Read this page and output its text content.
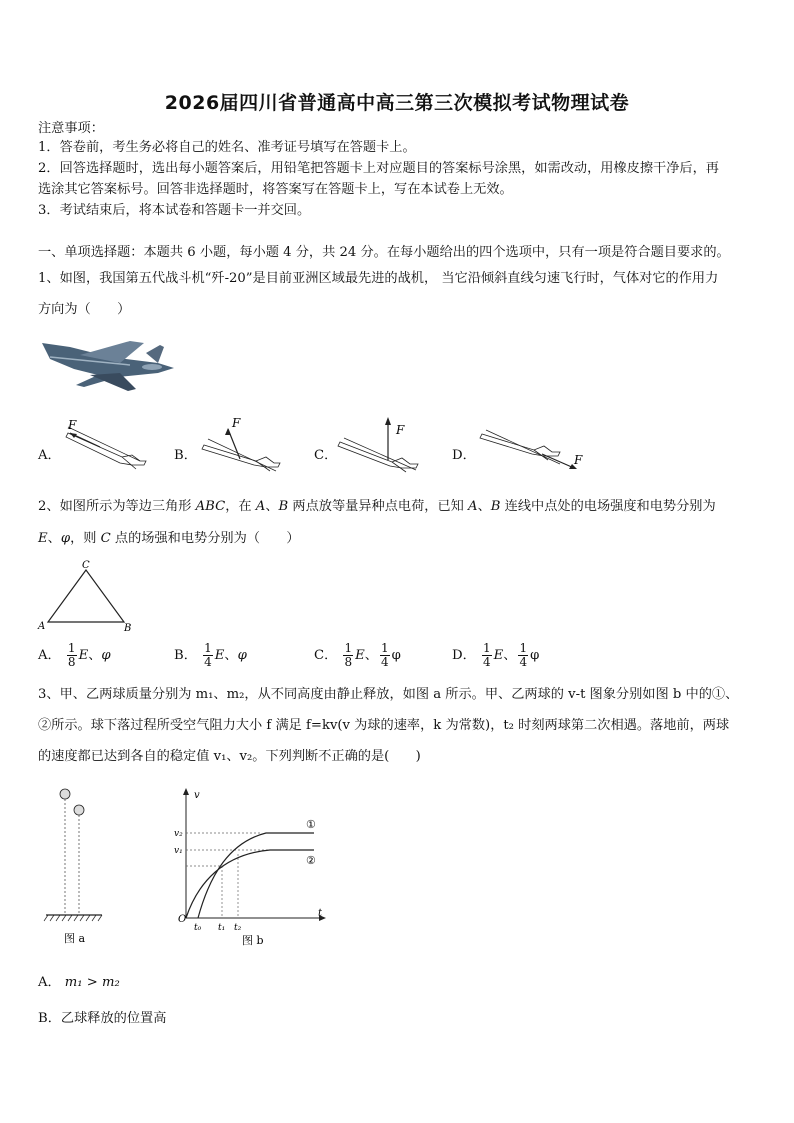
2026届四川省普通高中高三第三次模拟考试物理试卷
注意事项：
1．答卷前，考生务必将自己的姓名、准考证号填写在答题卡上。
2．回答选择题时，选出每小题答案后，用铅笔把答题卡上对应题目的答案标号涂黑，如需改动，用橡皮擦干净后，再
选涂其它答案标号。回答非选择题时，将答案写在答题卡上，写在本试卷上无效。
3．考试结束后，将本试卷和答题卡一并交回。
一、单项选择题：本题共 6 小题，每小题 4 分，共 24 分。在每小题给出的四个选项中，只有一项是符合题目要求的。
1、如图，我国第五代战斗机“歼-20”是目前亚洲区域最先进的战机， 当它沿倾斜直线匀速飞行时，气体对它的作用力
方向为（　　）
A．
F
B．
F
C．
F
D．	F
2、如图所示为等边三角形 ABC，在 A、B 两点放等量异种点电荷，已知 A、B 连线中点处的电场强度和电势分别为
E、φ，则 C 点的场强和电势分别为（　　）
C
A	B
A． $\frac{1}{8}$ E、φ	B． $\frac{1}{4}$ E、φ	C． $\frac{1}{8}$ E、 $\frac{1}{4}$ φ	D． $\frac{1}{4}$ E、 $\frac{1}{4}$ φ
3、甲、乙两球质量分别为 m₁、m₂，从不同高度由静止释放，如图 a 所示。甲、乙两球的 v-t 图象分别如图 b 中的①、
②所示。球下落过程所受空气阻力大小 f 满足 f=kv(v 为球的速率，k 为常数)，t₂ 时刻两球第二次相遇。落地前，两球
的速度都已达到各自的稳定值 v₁、v₂。下列判断不正确的是(　　)
图 a
v
t
O
v₂
v₁
①
②
t₀ t₁ t₂
图 b
A． m₁ > m₂
B．乙球释放的位置高
